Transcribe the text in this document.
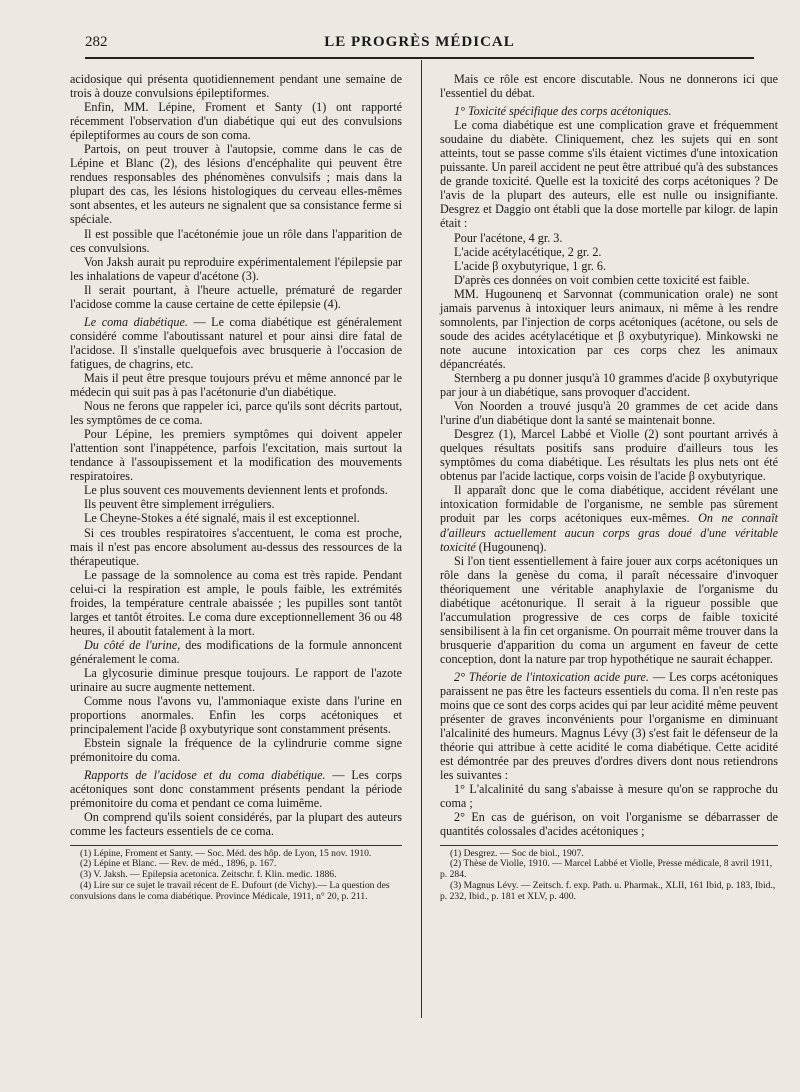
282	LE PROGRÈS MÉDICAL

acidosique qui présenta quotidiennement pendant une semaine de trois à douze convulsions épileptiformes.

Enfin, MM. Lépine, Froment et Santy (1) ont rapporté récemment l'observation d'un diabétique qui eut des convulsions épileptiformes au cours de son coma.

Partois, on peut trouver à l'autopsie, comme dans le cas de Lépine et Blanc (2), des lésions d'encéphalite qui peuvent être rendues responsables des phénomènes convulsifs ; mais dans la plupart des cas, les lésions histologiques du cerveau elles-mêmes sont absentes, et les auteurs ne signalent que sa consistance ferme si spéciale.

Il est possible que l'acétonémie joue un rôle dans l'apparition de ces convulsions.

Von Jaksh aurait pu reproduire expérimentalement l'épilepsie par les inhalations de vapeur d'acétone (3).

Il serait pourtant, à l'heure actuelle, prématuré de regarder l'acidose comme la cause certaine de cette épilepsie (4).

Le coma diabétique. — Le coma diabétique est généralement considéré comme l'aboutissant naturel et pour ainsi dire fatal de l'acidose. Il s'installe quelquefois avec brusquerie à l'occasion de fatigues, de chagrins, etc.

Mais il peut être presque toujours prévu et même annoncé par le médecin qui suit pas à pas l'acétonurie d'un diabétique.

Nous ne ferons que rappeler ici, parce qu'ils sont décrits partout, les symptômes de ce coma.

Pour Lépine, les premiers symptômes qui doivent appeler l'attention sont l'inappétence, parfois l'excitation, mais surtout la tendance à l'assoupissement et la modification des mouvements respiratoires.

Le plus souvent ces mouvements deviennent lents et profonds.

Ils peuvent être simplement irréguliers.

Le Cheyne-Stokes a été signalé, mais il est exceptionnel.

Si ces troubles respiratoires s'accentuent, le coma est proche, mais il n'est pas encore absolument au-dessus des ressources de la thérapeutique.

Le passage de la somnolence au coma est très rapide. Pendant celui-ci la respiration est ample, le pouls faible, les extrémités froides, la température centrale abaissée ; les pupilles sont tantôt larges et tantôt étroites. Le coma dure exceptionnellement 36 ou 48 heures, il aboutit fatalement à la mort.

Du côté de l'urine, des modifications de la formule annoncent généralement le coma.

La glycosurie diminue presque toujours. Le rapport de l'azote urinaire au sucre augmente nettement.

Comme nous l'avons vu, l'ammoniaque existe dans l'urine en proportions anormales. Enfin les corps acétoniques et principalement l'acide β oxybutyrique sont constamment présents.

Ebstein signale la fréquence de la cylindrurie comme signe prémonitoire du coma.

Rapports de l'acidose et du coma diabétique. — Les corps acétoniques sont donc constamment présents pendant la période prémonitoire du coma et pendant ce coma luimême.

On comprend qu'ils soient considérés, par la plupart des auteurs comme les facteurs essentiels de ce coma.

(1) Lépine, Froment et Santy. — Soc. Méd. des hôp. de Lyon, 15 nov. 1910.

(2) Lépine et Blanc. — Rev. de méd., 1896, p. 167.

(3) V. Jaksh. — Epilepsia acetonica. Zeitschr. f. Klin. medic. 1886.

(4) Lire sur ce sujet le travail récent de E. Dufourt (de Vichy).— La question des convulsions dans le coma diabétique. Province Médicale, 1911, n° 20, p. 211.

Mais ce rôle est encore discutable. Nous ne donnerons ici que l'essentiel du débat.

1° Toxicité spécifique des corps acétoniques.

Le coma diabétique est une complication grave et fréquemment soudaine du diabète. Cliniquement, chez les sujets qui en sont atteints, tout se passe comme s'ils étaient victimes d'une intoxication puissante. Un pareil accident ne peut être attribué qu'à des substances de grande toxicité. Quelle est la toxicité des corps acétoniques ? De l'avis de la plupart des auteurs, elle est nulle ou insignifiante. Desgrez et Daggio ont établi que la dose mortelle par kilogr. de lapin était :

Pour l'acétone, 4 gr. 3.

L'acide acétylacétique, 2 gr. 2.

L'acide β oxybutyrique, 1 gr. 6.

D'après ces données on voit combien cette toxicité est faible.

MM. Hugounenq et Sarvonnat (communication orale) ne sont jamais parvenus à intoxiquer leurs animaux, ni même à les rendre somnolents, par l'injection de corps acétoniques (acétone, ou sels de soude des acides acétylacétique et β oxybutyrique). Minkowski ne note aucune intoxication par ces corps chez les animaux dépancréatés.

Sternberg a pu donner jusqu'à 10 grammes d'acide β oxybutyrique par jour à un diabétique, sans provoquer d'accident.

Von Noorden a trouvé jusqu'à 20 grammes de cet acide dans l'urine d'un diabétique dont la santé se maintenait bonne.

Desgrez (1), Marcel Labbé et Violle (2) sont pourtant arrivés à quelques résultats positifs sans produire d'ailleurs tous les symptômes du coma diabétique. Les résultats les plus nets ont été obtenus par l'acide lactique, corps voisin de l'acide β oxybutyrique.

Il apparaît donc que le coma diabétique, accident révélant une intoxication formidable de l'organisme, ne semble pas sûrement produit par les corps acétoniques eux-mêmes. On ne connaît d'ailleurs actuellement aucun corps gras doué d'une véritable toxicité (Hugounenq).

Si l'on tient essentiellement à faire jouer aux corps acétoniques un rôle dans la genèse du coma, il paraît nécessaire d'invoquer théoriquement une véritable anaphylaxie de l'organisme du diabétique acétonurique. Il serait à la rigueur possible que l'accumulation progressive de ces corps de faible toxicité sensibilisent à la fin cet organisme. On pourrait même trouver dans la brusquerie d'apparition du coma un argument en faveur de cette conception, dont la nature par trop hypothétique ne saurait échapper.

2° Théorie de l'intoxication acide pure. — Les corps acétoniques paraissent ne pas être les facteurs essentiels du coma. Il n'en reste pas moins que ce sont des corps acides qui par leur acidité même peuvent présenter de graves inconvénients pour l'organisme en diminuant l'alcalinité des humeurs. Magnus Lévy (3) s'est fait le défenseur de la théorie qui attribue à cette acidité le coma diabétique. Cette acidité est démontrée par des preuves d'ordres divers dont nous retiendrons les suivantes :

1° L'alcalinité du sang s'abaisse à mesure qu'on se rapproche du coma ;

2° En cas de guérison, on voit l'organisme se débarrasser de quantités colossales d'acides acétoniques ;

(1) Desgrez. — Soc de biol., 1907.

(2) Thèse de Violle, 1910. — Marcel Labbé et Violle, Presse médicale, 8 avril 1911, p. 284.

(3) Magnus Lévy. — Zeitsch. f. exp. Path. u. Pharmak., XLII, 161 Ibid, p. 183, Ibid., p. 232, Ibid., p. 181 et XLV, p. 400.
